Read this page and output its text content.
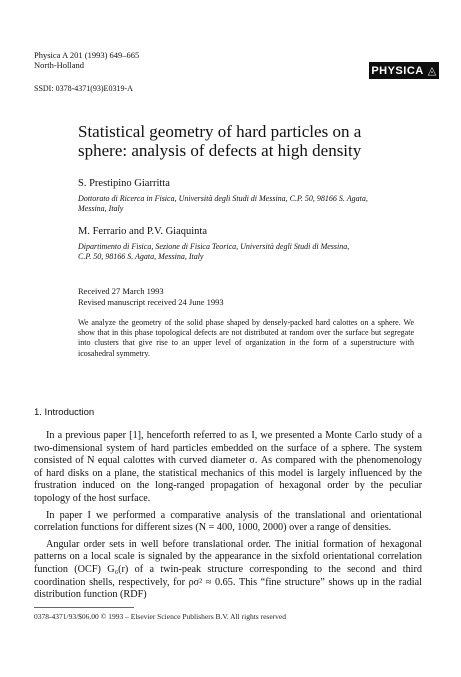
Physica A 201 (1993) 649–665
North-Holland	PHYSICA ◬
SSDI: 0378-4371(93)E0319-A
Statistical geometry of hard particles on a
sphere: analysis of defects at high density
S. Prestipino Giarritta
Dottorato di Ricerca in Fisica, Università degli Studi di Messina, C.P. 50, 98166 S. Agata,
Messina, Italy
M. Ferrario and P.V. Giaquinta
Dipartimento di Fisica, Sezione di Fisica Teorica, Università degli Studi di Messina,
C.P. 50, 98166 S. Agata, Messina, Italy
Received 27 March 1993
Revised manuscript received 24 June 1993
We analyze the geometry of the solid phase shaped by densely-packed hard calottes on a sphere. We show that in this phase topological defects are not distributed at random over the surface but segregate into clusters that give rise to an upper level of organization in the form of a superstructure with icosahedral symmetry.
1. Introduction

In a previous paper [1], henceforth referred to as I, we presented a Monte Carlo study of a two-dimensional system of hard particles embedded on the surface of a sphere. The system consisted of N equal calottes with curved diameter σ. As compared with the phenomenology of hard disks on a plane, the statistical mechanics of this model is largely influenced by the frustration induced on the long-ranged propagation of hexagonal order by the peculiar topology of the host surface.

In paper I we performed a comparative analysis of the translational and orientational correlation functions for different sizes (N = 400, 1000, 2000) over a range of densities.

Angular order sets in well before translational order. The initial formation of hexagonal patterns on a local scale is signaled by the appearance in the sixfold orientational correlation function (OCF) G₆(r) of a twin-peak structure corresponding to the second and third coordination shells, respectively, for ρσ² ≈ 0.65. This “fine structure” shows up in the radial distribution function (RDF)

0378-4371/93/$06.00 © 1993 – Elsevier Science Publishers B.V. All rights reserved
